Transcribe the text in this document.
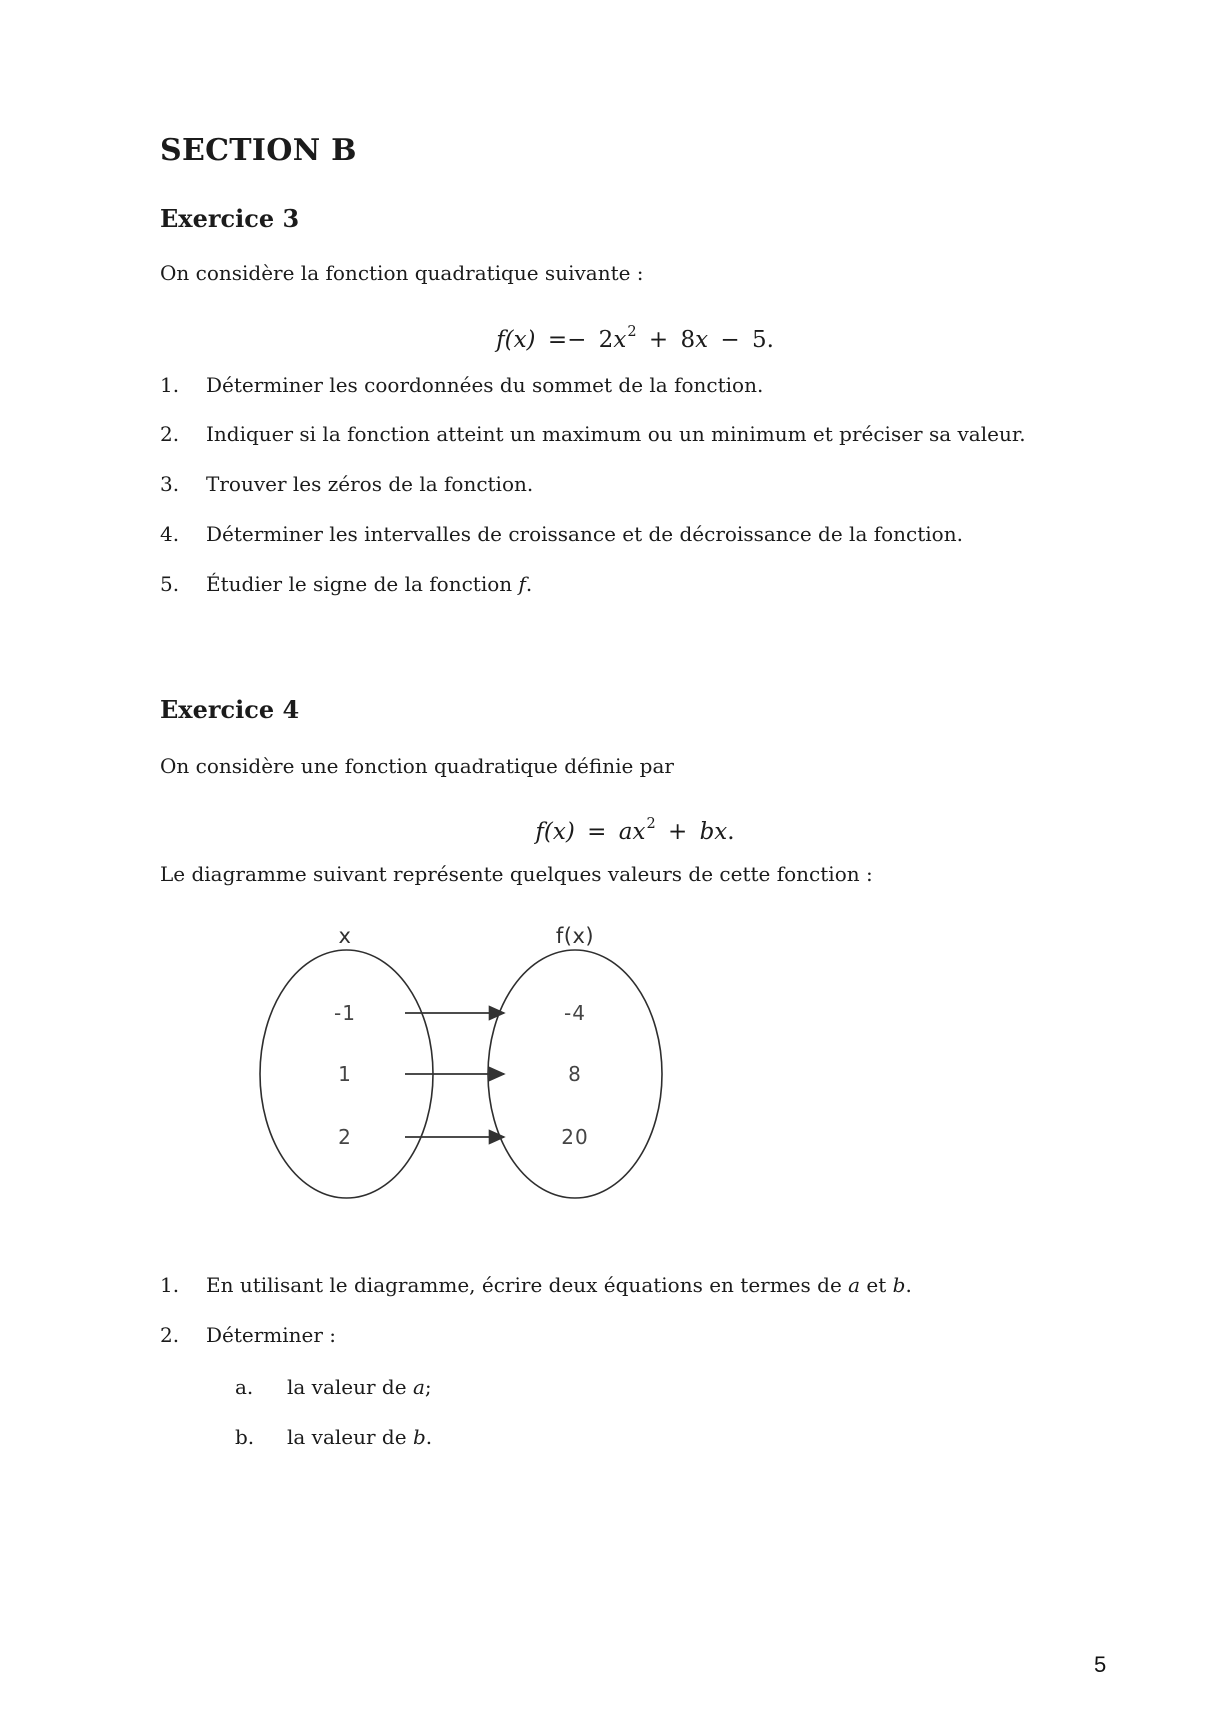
SECTION B
Exercice 3

On considère la fonction quadratique suivante :

$f(x) =- 2x^2 + 8x - 5$.
1.	Déterminer les coordonnées du sommet de la fonction.
2.	Indiquer si la fonction atteint un maximum ou un minimum et préciser sa valeur.
3.	Trouver les zéros de la fonction.
4.	Déterminer les intervalles de croissance et de décroissance de la fonction.
5.	Étudier le signe de la fonction f.
Exercice 4

On considère une fonction quadratique définie par

$f(x) = ax^2$ + bx.

Le diagramme suivant représente quelques valeurs de cette fonction :

x	f(x)
-1
1
2
-4
8
20
1.	En utilisant le diagramme, écrire deux équations en termes de a et b.
2.	Déterminer :
a.	la valeur de a;
b.	la valeur de b.
5
